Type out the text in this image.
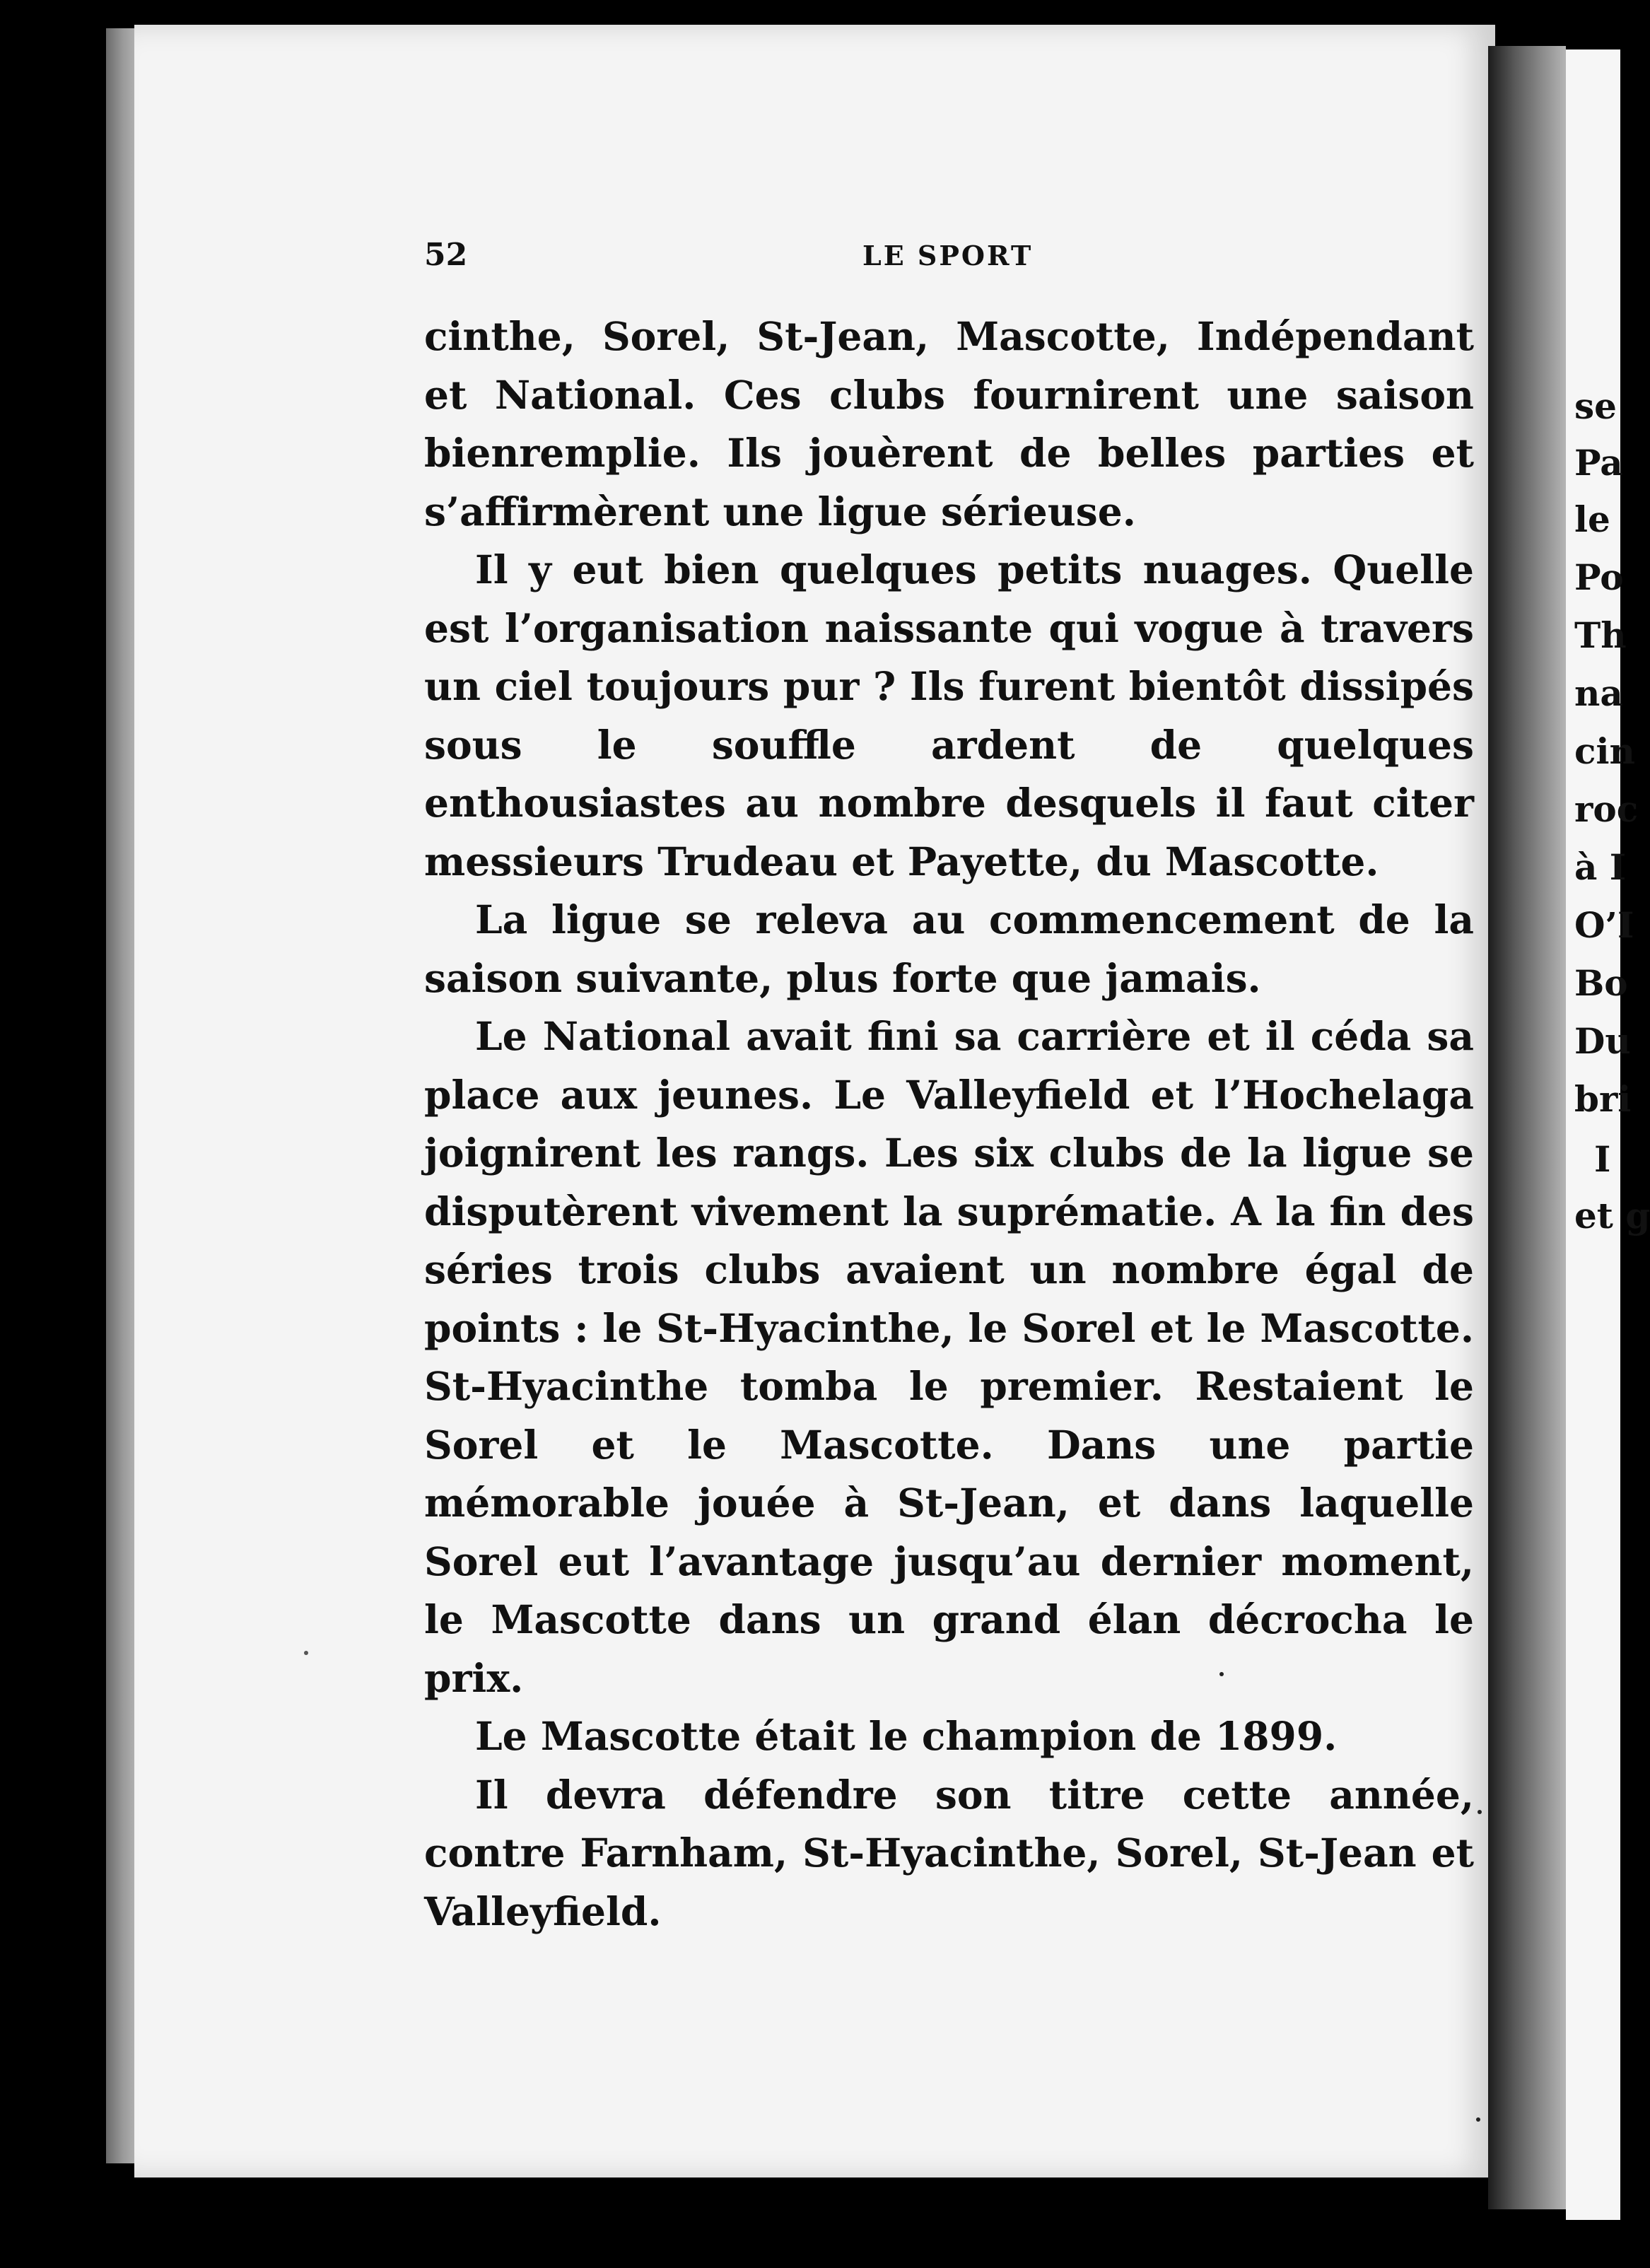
52	LE SPORT

cinthe, Sorel, St-Jean, Mascotte, Indépendant et National. Ces clubs fournirent une saison bienremplie. Ils jouèrent de belles parties et s’affirmèrent une ligue sérieuse.

Il y eut bien quelques petits nuages. Quelle est l’organisation naissante qui vogue à travers un ciel toujours pur ? Ils furent bientôt dissipés sous le souffle ardent de quelques enthousiastes au nombre desquels il faut citer messieurs Trudeau et Payette, du Mascotte.

La ligue se releva au commencement de la saison suivante, plus forte que jamais.

Le National avait fini sa carrière et il céda sa place aux jeunes. Le Valleyfield et l’Hochelaga joignirent les rangs. Les six clubs de la ligue se disputèrent vivement la suprématie. A la fin des séries trois clubs avaient un nombre égal de points : le St-Hyacinthe, le Sorel et le Mascotte. St-Hyacinthe tomba le premier. Restaient le Sorel et le Mascotte. Dans une partie mémorable jouée à St-Jean, et dans laquelle Sorel eut l’avantage jusqu’au dernier moment, le Mascotte dans un grand élan décrocha le prix.

Le Mascotte était le champion de 1899.

Il devra défendre son titre cette année, contre Farnham, St-Hyacinthe, Sorel, St-Jean et Valleyfield.

se
Pa
le
Po
Th
na
cin
roc
à I
O’I
Bo
Du
bri
I
et g
